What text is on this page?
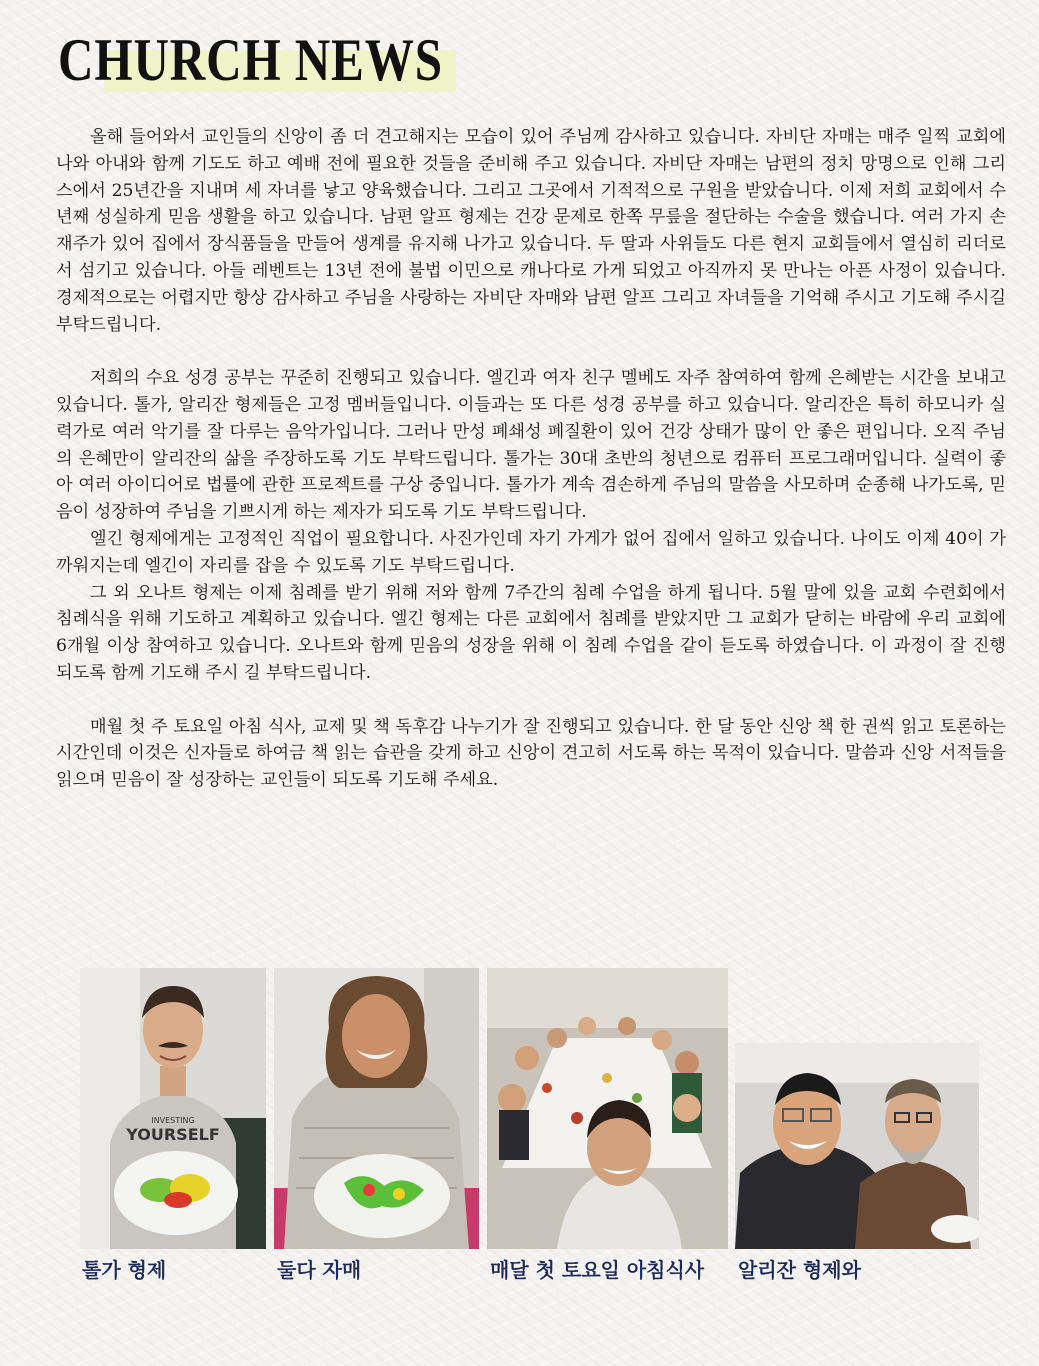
CHURCH NEWS

올해 들어와서 교인들의 신앙이 좀 더 견고해지는 모습이 있어 주님께 감사하고 있습니다. 자비단 자매는 매주 일찍 교회에 나와 아내와 함께 기도도 하고 예배 전에 필요한 것들을 준비해 주고 있습니다. 자비단 자매는 남편의 정치 망명으로 인해 그리스에서 25년간을 지내며 세 자녀를 낳고 양육했습니다. 그리고 그곳에서 기적적으로 구원을 받았습니다. 이제 저희 교회에서 수년째 성실하게 믿음 생활을 하고 있습니다. 남편 알프 형제는 건강 문제로 한쪽 무릎을 절단하는 수술을 했습니다. 여러 가지 손재주가 있어 집에서 장식품들을 만들어 생계를 유지해 나가고 있습니다. 두 딸과 사위들도 다른 현지 교회들에서 열심히 리더로서 섬기고 있습니다. 아들 레벤트는 13년 전에 불법 이민으로 캐나다로 가게 되었고 아직까지 못 만나는 아픈 사정이 있습니다. 경제적으로는 어렵지만 항상 감사하고 주님을 사랑하는 자비단 자매와 남편 알프 그리고 자녀들을 기억해 주시고 기도해 주시길 부탁드립니다.

저희의 수요 성경 공부는 꾸준히 진행되고 있습니다. 엘긴과 여자 친구 멜베도 자주 참여하여 함께 은혜받는 시간을 보내고 있습니다. 톨가, 알리잔 형제들은 고정 멤버들입니다. 이들과는 또 다른 성경 공부를 하고 있습니다. 알리잔은 특히 하모니카 실력가로 여러 악기를 잘 다루는 음악가입니다. 그러나 만성 폐쇄성 폐질환이 있어 건강 상태가 많이 안 좋은 편입니다. 오직 주님의 은혜만이 알리잔의 삶을 주장하도록 기도 부탁드립니다. 톨가는 30대 초반의 청년으로 컴퓨터 프로그래머입니다. 실력이 좋아 여러 아이디어로 법률에 관한 프로젝트를 구상 중입니다. 톨가가 계속 겸손하게 주님의 말씀을 사모하며 순종해 나가도록, 믿음이 성장하여 주님을 기쁘시게 하는 제자가 되도록 기도 부탁드립니다.

엘긴 형제에게는 고정적인 직업이 필요합니다. 사진가인데 자기 가게가 없어 집에서 일하고 있습니다. 나이도 이제 40이 가까워지는데 엘긴이 자리를 잡을 수 있도록 기도 부탁드립니다.

그 외 오나트 형제는 이제 침례를 받기 위해 저와 함께 7주간의 침례 수업을 하게 됩니다. 5월 말에 있을 교회 수련회에서 침례식을 위해 기도하고 계획하고 있습니다. 엘긴 형제는 다른 교회에서 침례를 받았지만 그 교회가 닫히는 바람에 우리 교회에 6개월 이상 참여하고 있습니다. 오나트와 함께 믿음의 성장을 위해 이 침례 수업을 같이 듣도록 하였습니다. 이 과정이 잘 진행 되도록 함께 기도해 주시 길 부탁드립니다.

매월 첫 주 토요일 아침 식사, 교제 및 책 독후감 나누기가 잘 진행되고 있습니다. 한 달 동안 신앙 책 한 권씩 읽고 토론하는 시간인데 이것은 신자들로 하여금 책 읽는 습관을 갖게 하고 신앙이 견고히 서도록 하는 목적이 있습니다. 말씀과 신앙 서적들을 읽으며 믿음이 잘 성장하는 교인들이 되도록 기도해 주세요.

INVESTING
YOURSELF
톨가 형제	둘다 자매	매달 첫 토요일 아침식사 알리잔 형제와
